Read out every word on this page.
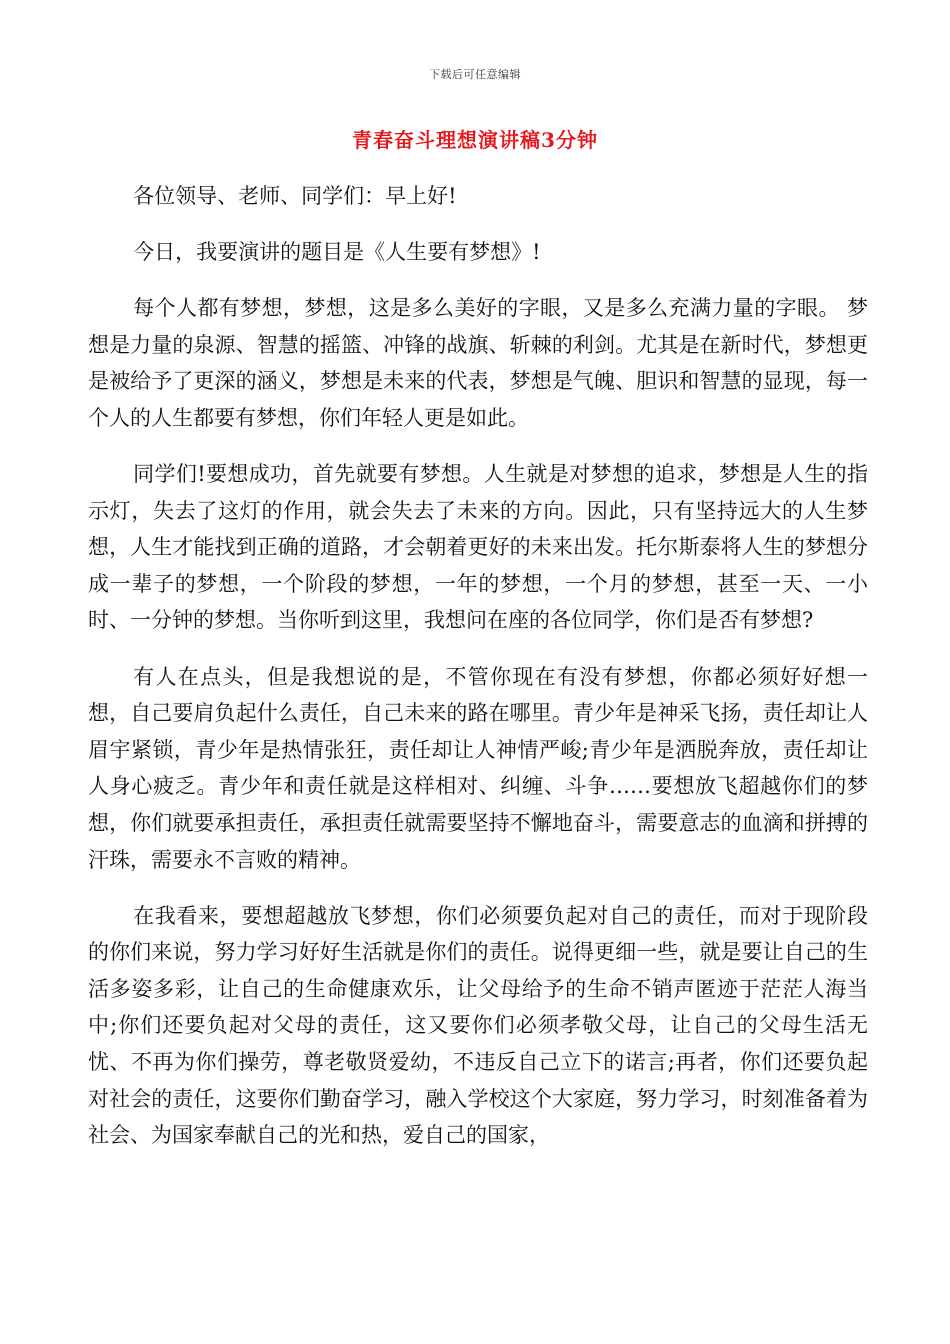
下载后可任意编辑
青春奋斗理想演讲稿3分钟

各位领导、老师、同学们：早上好!

今日，我要演讲的题目是《人生要有梦想》!

每个人都有梦想，梦想，这是多么美好的字眼，又是多么充满力量的字眼。 梦想是力量的泉源、智慧的摇篮、冲锋的战旗、斩棘的利剑。尤其是在新时代，梦想更是被给予了更深的涵义，梦想是未来的代表，梦想是气魄、胆识和智慧的显现，每一个人的人生都要有梦想，你们年轻人更是如此。

同学们!要想成功，首先就要有梦想。人生就是对梦想的追求，梦想是人生的指示灯，失去了这灯的作用，就会失去了未来的方向。因此，只有坚持远大的人生梦想，人生才能找到正确的道路，才会朝着更好的未来出发。托尔斯泰将人生的梦想分成一辈子的梦想，一个阶段的梦想，一年的梦想，一个月的梦想，甚至一天、一小时、一分钟的梦想。当你听到这里，我想问在座的各位同学，你们是否有梦想?

有人在点头，但是我想说的是，不管你现在有没有梦想，你都必须好好想一想，自己要肩负起什么责任，自己未来的路在哪里。青少年是神采飞扬，责任却让人眉宇紧锁，青少年是热情张狂，责任却让人神情严峻;青少年是洒脱奔放，责任却让人身心疲乏。青少年和责任就是这样相对、纠缠、斗争……要想放飞超越你们的梦想，你们就要承担责任，承担责任就需要坚持不懈地奋斗，需要意志的血滴和拼搏的汗珠，需要永不言败的精神。

在我看来，要想超越放飞梦想，你们必须要负起对自己的责任，而对于现阶段的你们来说，努力学习好好生活就是你们的责任。说得更细一些，就是要让自己的生活多姿多彩，让自己的生命健康欢乐，让父母给予的生命不销声匿迹于茫茫人海当中;你们还要负起对父母的责任，这又要你们必须孝敬父母，让自己的父母生活无忧、不再为你们操劳，尊老敬贤爱幼，不违反自己立下的诺言;再者，你们还要负起对社会的责任，这要你们勤奋学习，融入学校这个大家庭，努力学习，时刻准备着为社会、为国家奉献自己的光和热，爱自己的国家，
